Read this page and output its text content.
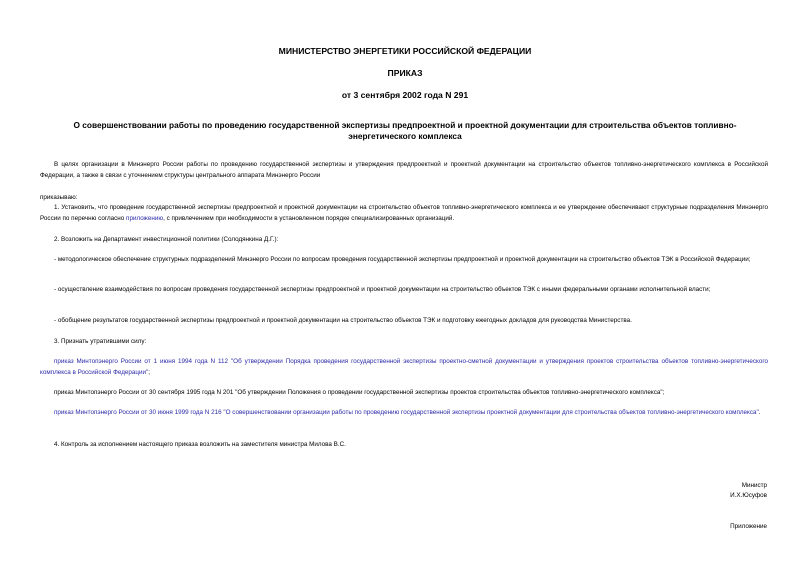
МИНИСТЕРСТВО ЭНЕРГЕТИКИ РОССИЙСКОЙ ФЕДЕРАЦИИ
ПРИКАЗ
от 3 сентября 2002 года N 291
О совершенствовании работы по проведению государственной экспертизы предпроектной и проектной документации для строительства объектов топливно-энергетического комплекса
В целях организации в Минэнерго России работы по проведению государственной экспертизы и утверждения предпроектной и проектной документации на строительство объектов топливно-энергетического комплекса в Российской Федерации, а также в связи с уточнением структуры центрального аппарата Минэнерго России
приказываю:
1. Установить, что проведение государственной экспертизы предпроектной и проектной документации на строительство объектов топливно-энергетического комплекса и ее утверждение обеспечивают структурные подразделения Минэнерго России по перечню согласно приложению, с привлечением при необходимости в установленном порядке специализированных организаций.
2. Возложить на Департамент инвестиционной политики (Солодянкина Д.Г.):
- методологическое обеспечение структурных подразделений Минэнерго России по вопросам проведения государственной экспертизы предпроектной и проектной документации на строительство объектов ТЭК в Российской Федерации;
- осуществление взаимодействия по вопросам проведения государственной экспертизы предпроектной и проектной документации на строительство объектов ТЭК с иными федеральными органами исполнительной власти;
- обобщение результатов государственной экспертизы предпроектной и проектной документации на строительство объектов ТЭК и подготовку ежегодных докладов для руководства Министерства.
3. Признать утратившими силу:
приказ Минтопэнерго России от 1 июня 1994 года N 112 "Об утверждении Порядка проведения государственной экспертизы проектно-сметной документации и утверждения проектов строительства объектов топливно-энергетического комплекса в Российской Федерации";
приказ Минтопэнерго России от 30 сентября 1995 года N 201 "Об утверждении Положения о проведении государственной экспертизы проектов строительства объектов топливно-энергетического комплекса";
приказ Минтопэнерго России от 30 июня 1999 года N 216 "О совершенствовании организации работы по проведению государственной экспертизы проектной документации для строительства объектов топливно-энергетического комплекса".
4. Контроль за исполнением настоящего приказа возложить на заместителя министра Милова В.С.
Министр
И.Х.Юсуфов
Приложение
